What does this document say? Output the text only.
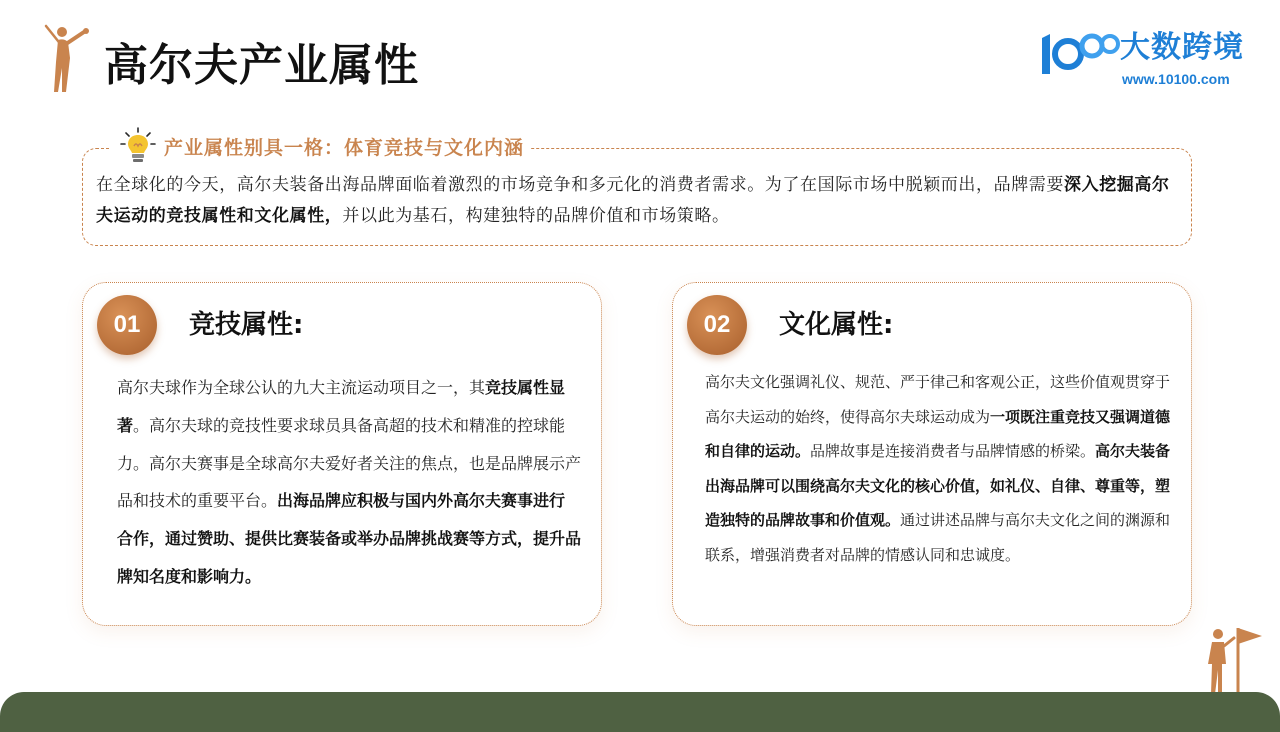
高尔夫产业属性	大数跨境
www.10100.com
产业属性别具一格：体育竞技与文化内涵
在全球化的今天，高尔夫装备出海品牌面临着激烈的市场竞争和多元化的消费者需求。为了在国际市场中脱颖而出，品牌需要深入挖掘高尔夫运动的竞技属性和文化属性，并以此为基石，构建独特的品牌价值和市场策略。
01	竞技属性:
高尔夫球作为全球公认的九大主流运动项目之一，其竞技属性显著。高尔夫球的竞技性要求球员具备高超的技术和精准的控球能力。高尔夫赛事是全球高尔夫爱好者关注的焦点，也是品牌展示产品和技术的重要平台。出海品牌应积极与国内外高尔夫赛事进行合作，通过赞助、提供比赛装备或举办品牌挑战赛等方式，提升品牌知名度和影响力。
02	文化属性:
高尔夫文化强调礼仪、规范、严于律己和客观公正，这些价值观贯穿于高尔夫运动的始终，使得高尔夫球运动成为一项既注重竞技又强调道德和自律的运动。品牌故事是连接消费者与品牌情感的桥梁。高尔夫装备出海品牌可以围绕高尔夫文化的核心价值，如礼仪、自律、尊重等，塑造独特的品牌故事和价值观。通过讲述品牌与高尔夫文化之间的渊源和联系，增强消费者对品牌的情感认同和忠诚度。
